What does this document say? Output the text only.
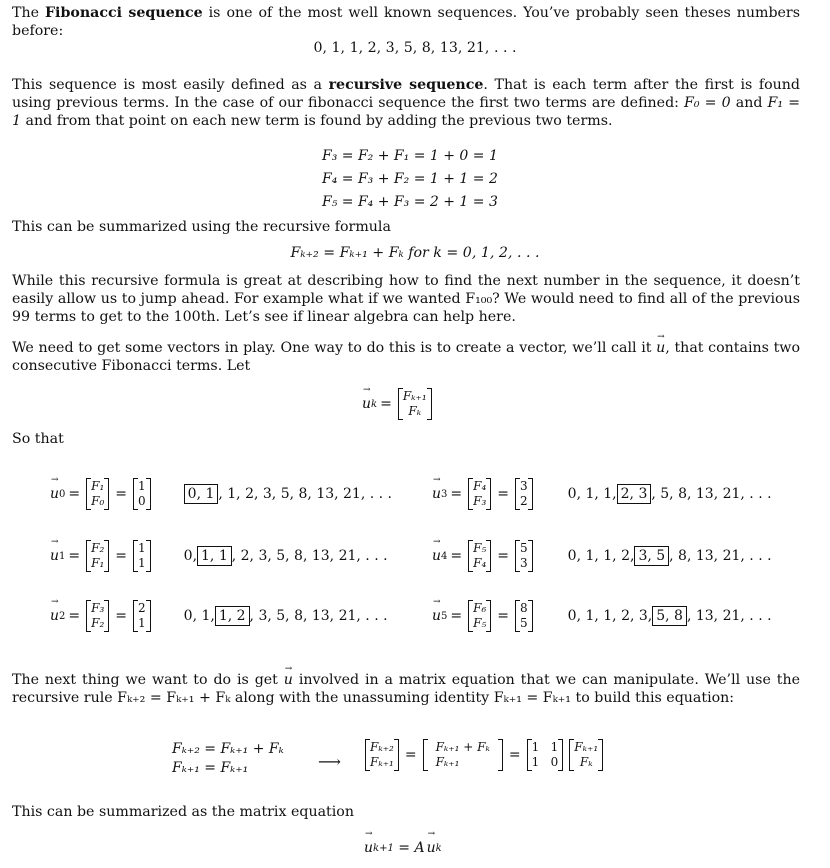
The Fibonacci sequence is one of the most well known sequences. You’ve probably seen theses numbers before:

0, 1, 1, 2, 3, 5, 8, 13, 21, . . .

This sequence is most easily defined as a recursive sequence. That is each term after the first is found using previous terms. In the case of our fibonacci sequence the first two terms are defined: F₀ = 0 and F₁ = 1 and from that point on each new term is found by adding the previous two terms.

F₃ = F₂ + F₁ = 1 + 0 = 1
F₄ = F₃ + F₂ = 1 + 1 = 2
F₅ = F₄ + F₃ = 2 + 1 = 3

This can be summarized using the recursive formula

Fₖ₊₂ = Fₖ₊₁ + Fₖ for k = 0, 1, 2, . . .

While this recursive formula is great at describing how to find the next number in the sequence, it doesn’t easily allow us to jump ahead. For example what if we wanted F₁₀₀? We would need to find all of the previous 99 terms to get to the 100th. Let’s see if linear algebra can help here.

We need to get some vectors in play. One way to do this is to create a vector, we’ll call it → u, that contains two consecutive Fibonacci terms. Let

→ u k = Fₖ₊₁
Fₖ

So that

→ u 0 = F₁
F₀ = 1
0	0, 1 , 1, 2, 3, 5, 8, 13, 21, . . .
→ u 1 = F₂
F₁ = 1
1	0, 1, 1 , 2, 3, 5, 8, 13, 21, . . .
→ u 2 = F₃
F₂ = 2
1	0, 1, 1, 2 , 3, 5, 8, 13, 21, . . .
→ u 3 = F₄
F₃ = 3
2	0, 1, 1, 2, 3 , 5, 8, 13, 21, . . .
→ u 4 = F₅
F₄ = 5
3	0, 1, 1, 2, 3, 5 , 8, 13, 21, . . .
→ u 5 = F₆
F₅ = 8
5	0, 1, 1, 2, 3, 5, 8 , 13, 21, . . .

The next thing we want to do is get → u involved in a matrix equation that we can manipulate. We’ll use the recursive rule Fₖ₊₂ = Fₖ₊₁ + Fₖ along with the unassuming identity Fₖ₊₁ = Fₖ₊₁ to build this equation:

Fₖ₊₂ = Fₖ₊₁ + Fₖ
Fₖ₊₁ = Fₖ₊₁	⟶
Fₖ₊₂
Fₖ₊₁ = Fₖ₊₁ + Fₖ
Fₖ₊₁	= 1 1
1 0
Fₖ₊₁
Fₖ

This can be summarized as the matrix equation

→ u k+1 = A
→ u k
